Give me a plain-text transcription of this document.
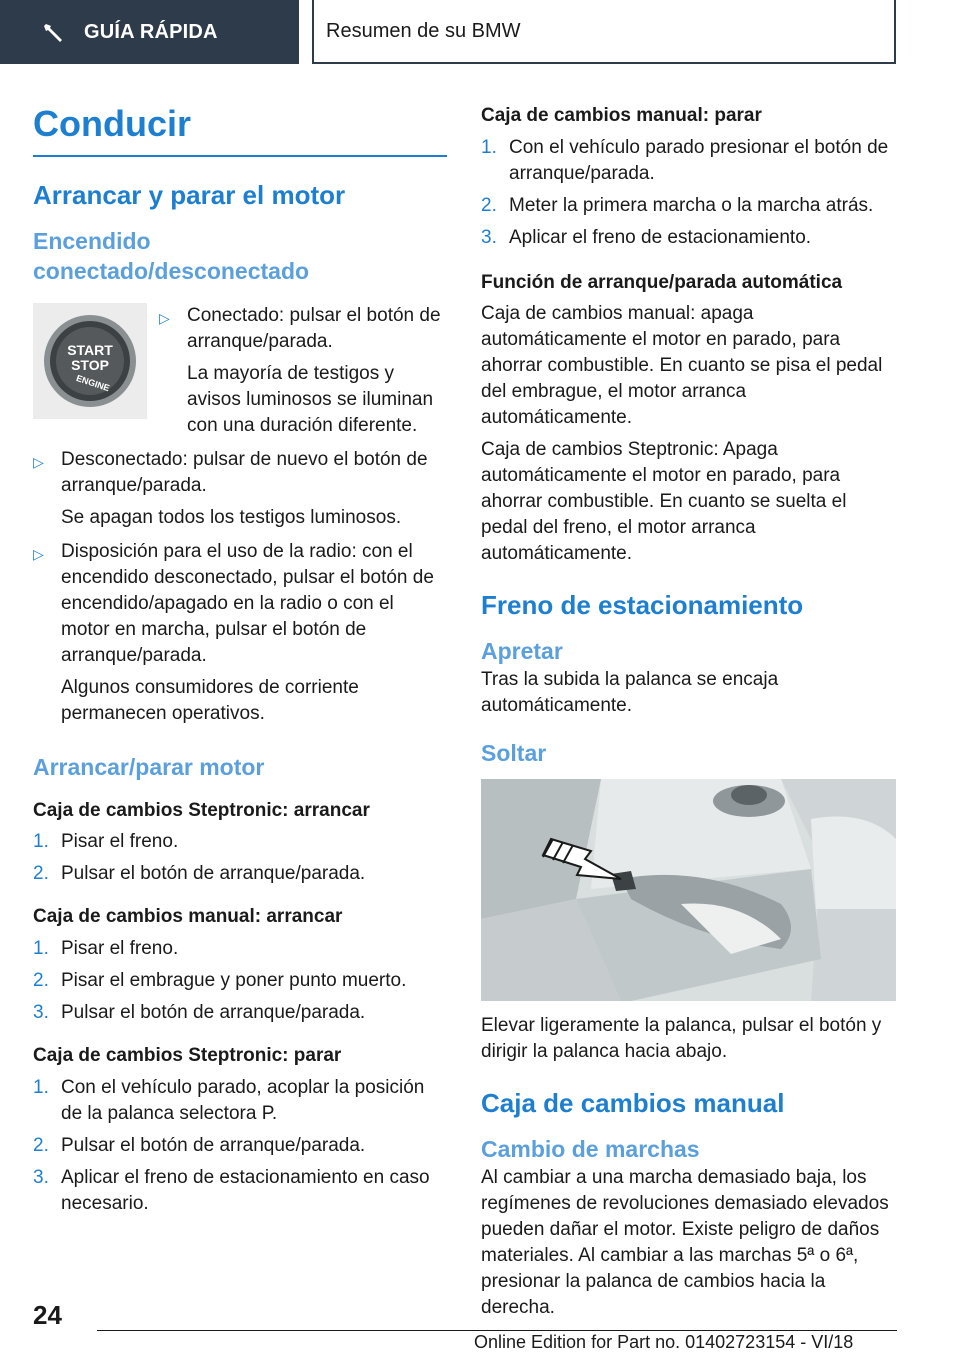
GUÍA RÁPIDA	Resumen de su BMW
Conducir
Arrancar y parar el motor
Encendido conectado/desconectado
START
STOP
ENGINE
▷ Conectado: pulsar el botón de arranque/parada.

La mayoría de testigos y avisos luminosos se iluminan con una duración diferente.

▷ Desconectado: pulsar de nuevo el botón de arranque/parada.

Se apagan todos los testigos luminosos.

▷ Disposición para el uso de la radio: con el encendido desconectado, pulsar el botón de encendido/apagado en la radio o con el motor en marcha, pulsar el botón de arranque/parada.

Algunos consumidores de corriente permanecen operativos.

Arrancar/parar motor
Caja de cambios Steptronic: arrancar
1. Pisar el freno.
2. Pulsar el botón de arranque/parada.
Caja de cambios manual: arrancar
1. Pisar el freno.
2. Pisar el embrague y poner punto muerto.
3. Pulsar el botón de arranque/parada.
Caja de cambios Steptronic: parar
1. Con el vehículo parado, acoplar la posición de la palanca selectora P.
2. Pulsar el botón de arranque/parada.
3. Aplicar el freno de estacionamiento en caso necesario.
Caja de cambios manual: parar
1. Con el vehículo parado presionar el botón de arranque/parada.
2. Meter la primera marcha o la marcha atrás.
3. Aplicar el freno de estacionamiento.
Función de arranque/parada automática

Caja de cambios manual: apaga automáticamente el motor en parado, para ahorrar combustible. En cuanto se pisa el pedal del embrague, el motor arranca automáticamente.

Caja de cambios Steptronic: Apaga automáticamente el motor en parado, para ahorrar combustible. En cuanto se suelta el pedal del freno, el motor arranca automáticamente.

Freno de estacionamiento
Apretar

Tras la subida la palanca se encaja automáticamente.

Soltar

Elevar ligeramente la palanca, pulsar el botón y dirigir la palanca hacia abajo.

Caja de cambios manual
Cambio de marchas

Al cambiar a una marcha demasiado baja, los regímenes de revoluciones demasiado elevados pueden dañar el motor. Existe peligro de daños materiales. Al cambiar a las marchas 5ª o 6ª, presionar la palanca de cambios hacia la derecha.

24
Online Edition for Part no. 01402723154 - VI/18
